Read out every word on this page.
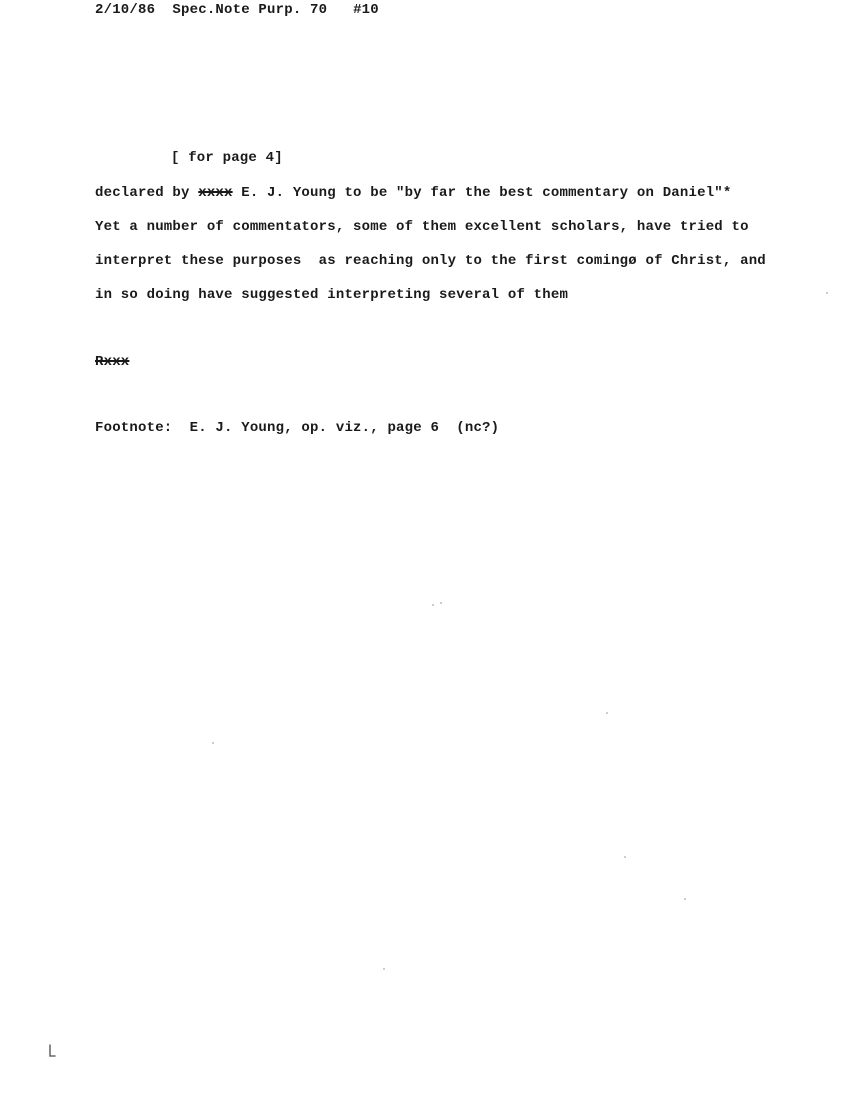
2/10/86 Spec.Note Purp. 70 #10
[ for page 4]
declared by xxxx E. J. Young to be "by far the best commentary on Daniel"*
Yet a number of commentators, some of them excellent scholars, have tried to
interpret these purposes  as reaching only to the first comingø of Christ, and
in so doing have suggested interpreting several of them
Rxxx
Footnote:  E. J. Young, op. viz., page 6  (nc?)
